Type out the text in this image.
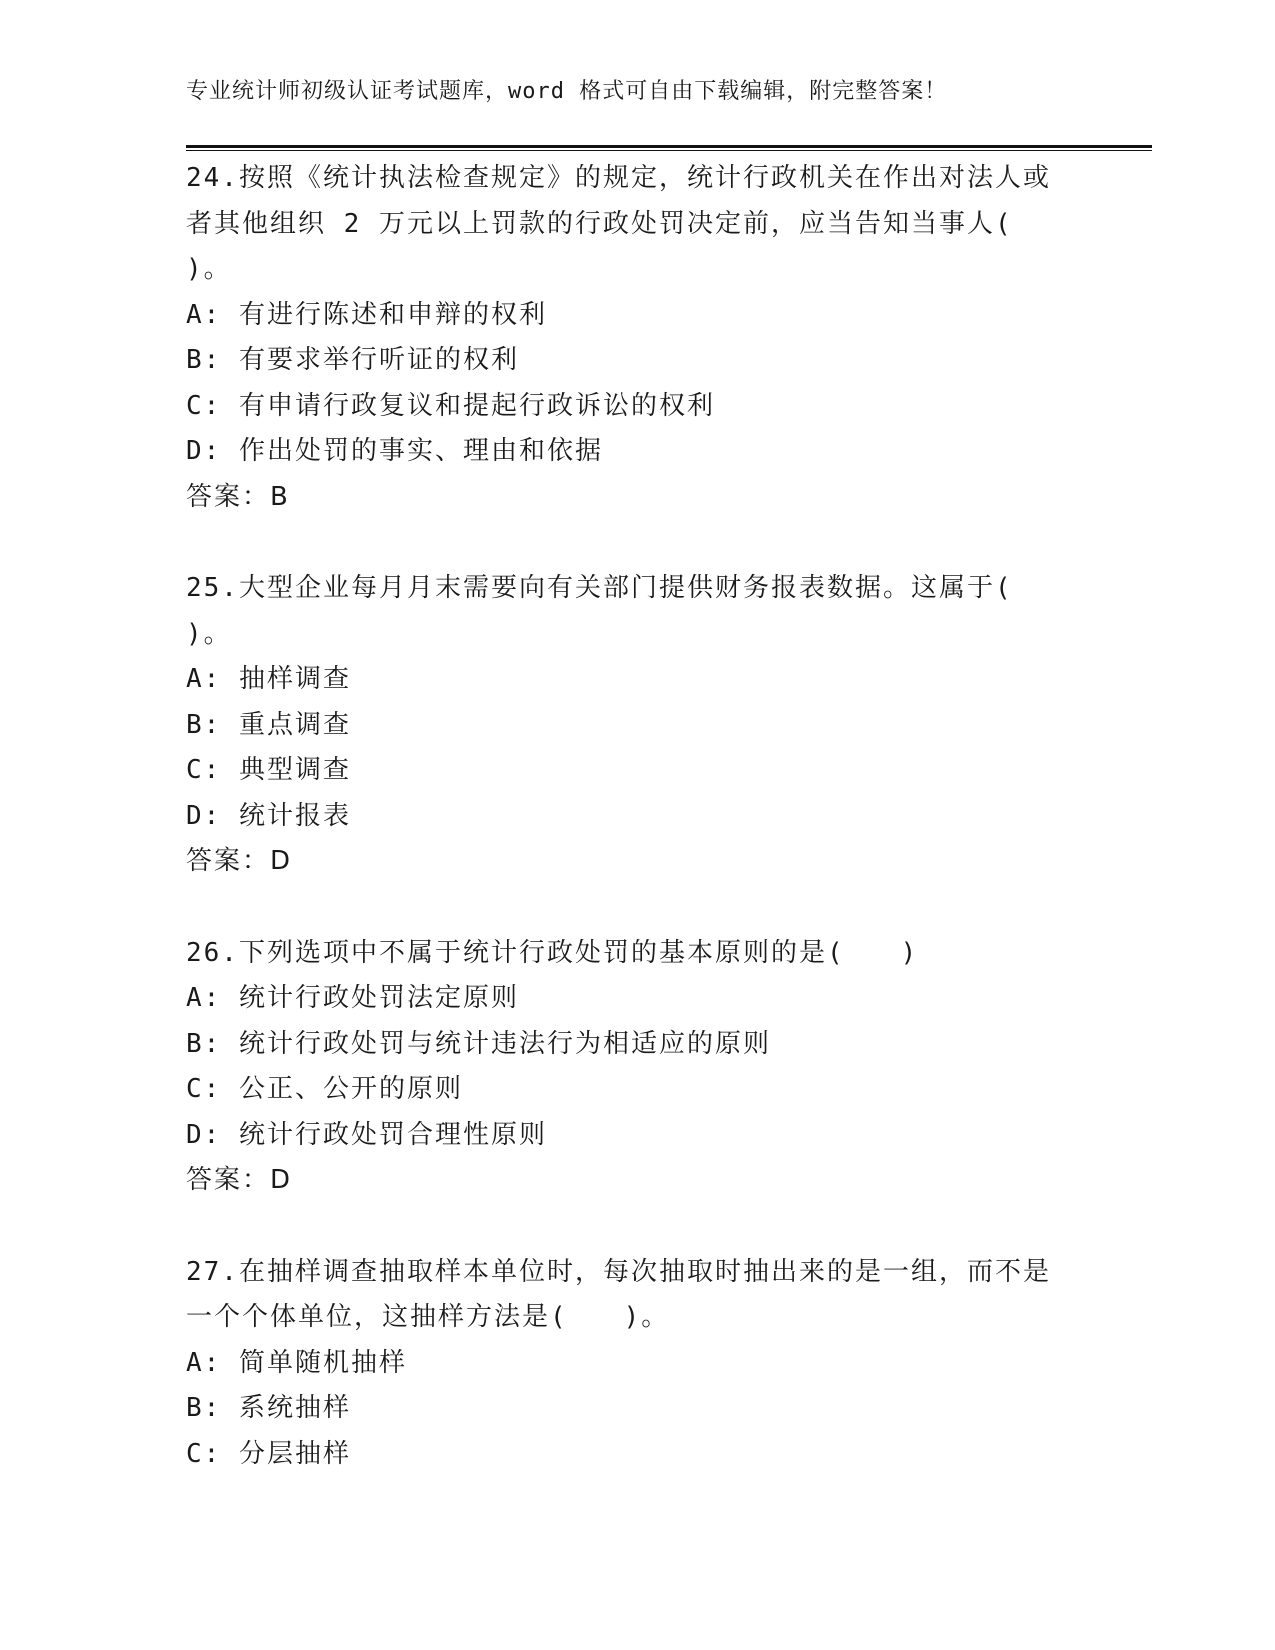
专业统计师初级认证考试题库，word 格式可自由下载编辑，附完整答案！
24.按照《统计执法检查规定》的规定，统计行政机关在作出对法人或
者其他组织 2 万元以上罚款的行政处罚决定前，应当告知当事人(
)。
A: 有进行陈述和申辩的权利
B: 有要求举行听证的权利
C: 有申请行政复议和提起行政诉讼的权利
D: 作出处罚的事实、理由和依据
答案：B
25.大型企业每月月末需要向有关部门提供财务报表数据。这属于(
)。
A: 抽样调查
B: 重点调查
C: 典型调查
D: 统计报表
答案：D
26.下列选项中不属于统计行政处罚的基本原则的是(　　)
A: 统计行政处罚法定原则
B: 统计行政处罚与统计违法行为相适应的原则
C: 公正、公开的原则
D: 统计行政处罚合理性原则
答案：D
27.在抽样调查抽取样本单位时，每次抽取时抽出来的是一组，而不是
一个个体单位，这抽样方法是(　　)。
A: 简单随机抽样
B: 系统抽样
C: 分层抽样
